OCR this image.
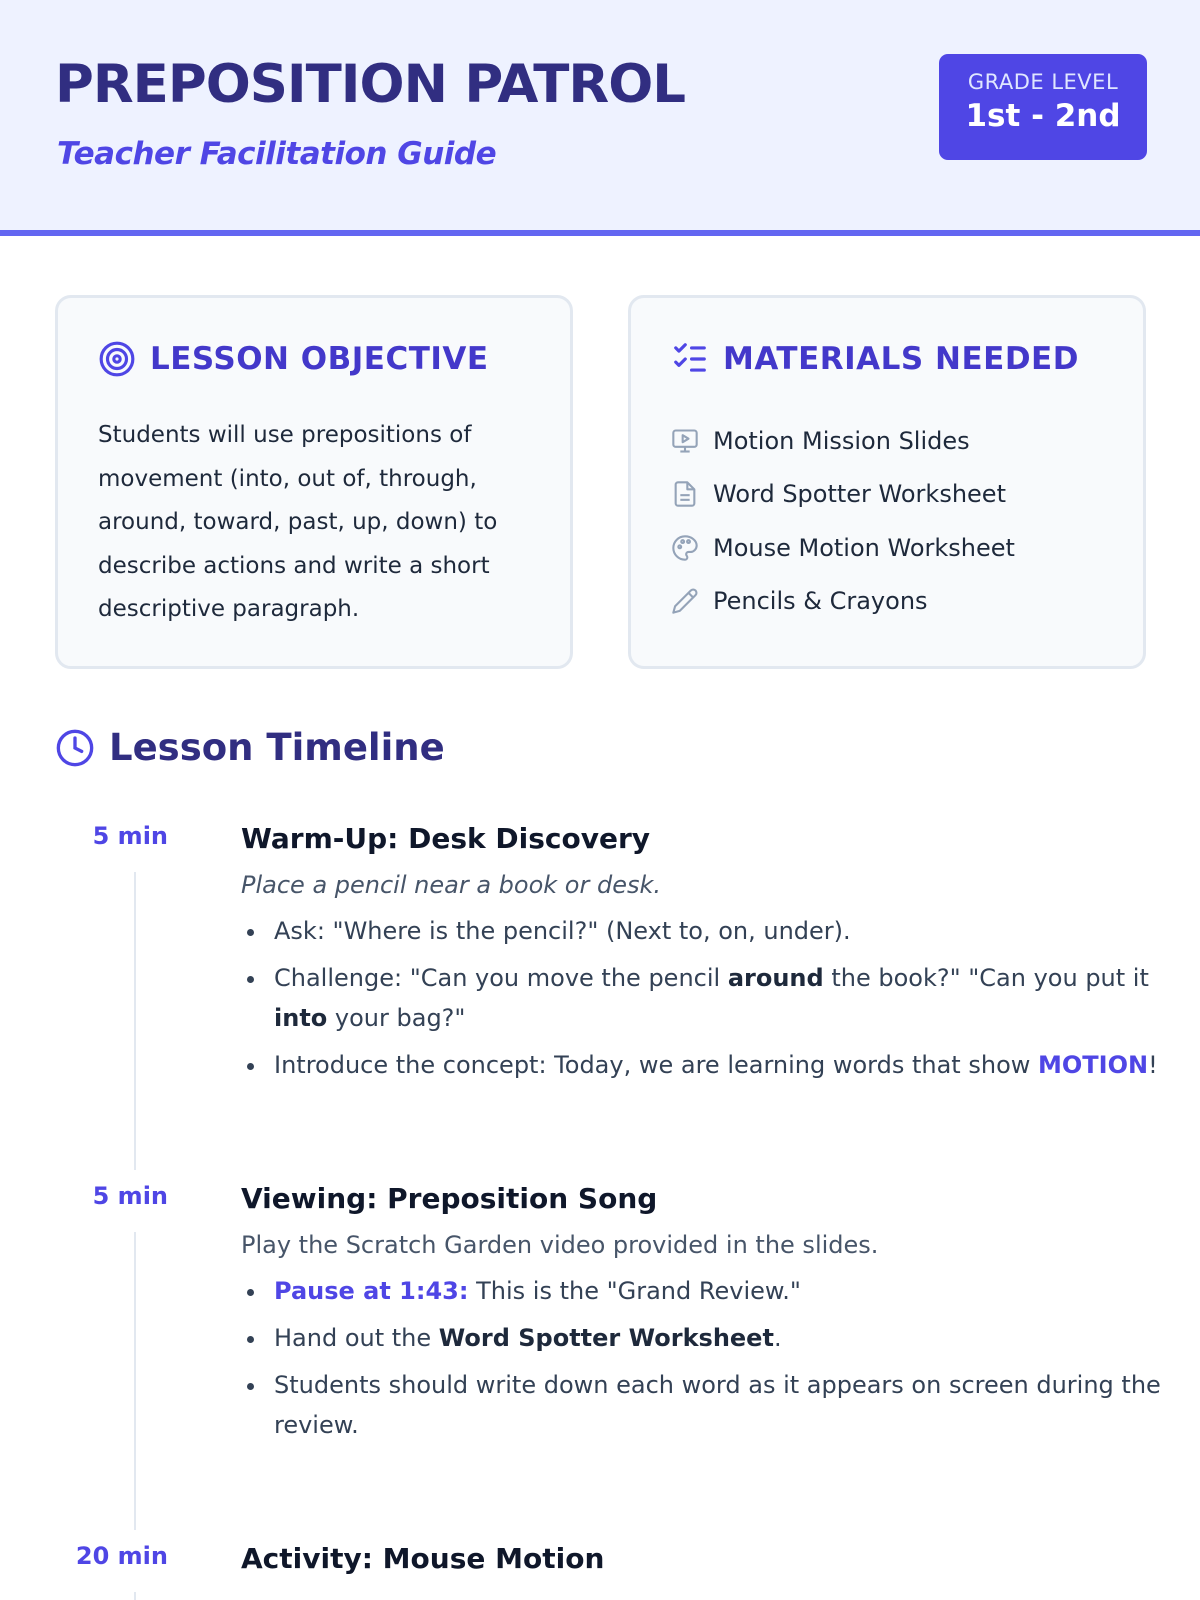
PREPOSITION PATROL
Teacher Facilitation Guide
GRADE LEVEL
1st - 2nd
LESSON OBJECTIVE

Students will use prepositions of movement (into, out of, through, around, toward, past, up, down) to describe actions and write a short descriptive paragraph.

MATERIALS NEEDED
Motion Mission Slides
Word Spotter Worksheet
Mouse Motion Worksheet
Pencils & Crayons
Lesson Timeline
5 min	Warm-Up: Desk Discovery
Place a pencil near a book or desk.
Ask: "Where is the pencil?" (Next to, on, under).
Challenge: "Can you move the pencil around the book?" "Can you put it into your bag?"
Introduce the concept: Today, we are learning words that show MOTION!
5 min	Viewing: Preposition Song
Play the Scratch Garden video provided in the slides.
Pause at 1:43: This is the "Grand Review."
Hand out the Word Spotter Worksheet.
Students should write down each word as it appears on screen during the review.
20 min	Activity: Mouse Motion
